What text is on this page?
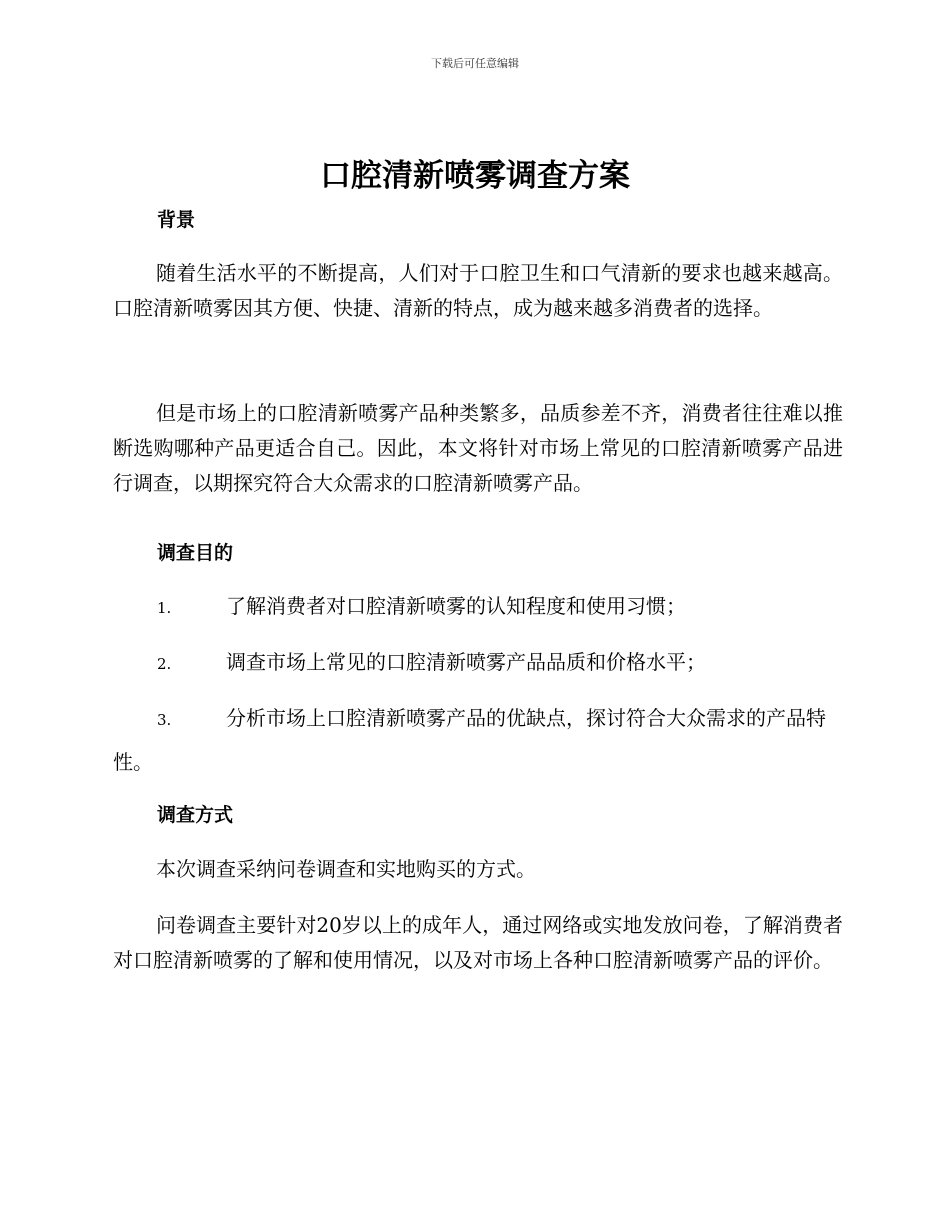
下载后可任意编辑
口腔清新喷雾调查方案
背景

随着生活水平的不断提高，人们对于口腔卫生和口气清新的要求也越来越高。口腔清新喷雾因其方便、快捷、清新的特点，成为越来越多消费者的选择。

但是市场上的口腔清新喷雾产品种类繁多，品质参差不齐，消费者往往难以推断选购哪种产品更适合自己。因此，本文将针对市场上常见的口腔清新喷雾产品进行调查，以期探究符合大众需求的口腔清新喷雾产品。

调查目的

1.	了解消费者对口腔清新喷雾的认知程度和使用习惯；

2.	调查市场上常见的口腔清新喷雾产品品质和价格水平；

3.	分析市场上口腔清新喷雾产品的优缺点，探讨符合大众需求的产品特性。

调查方式

本次调查采纳问卷调查和实地购买的方式。

问卷调查主要针对20岁以上的成年人，通过网络或实地发放问卷，了解消费者对口腔清新喷雾的了解和使用情况，以及对市场上各种口腔清新喷雾产品的评价。
